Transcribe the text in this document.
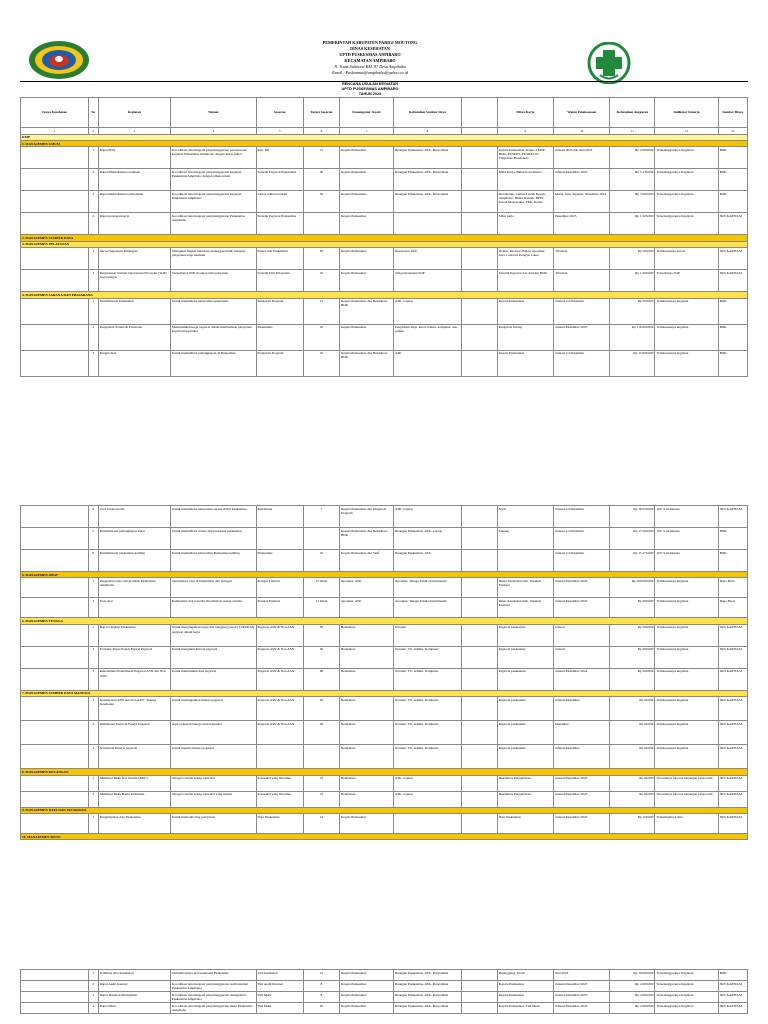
PEMERINTAH KABUPATEN PARIGI MOUTONG
DINAS KESEHATAN
UPTD PUSKESMAS ANPIBARO
KECAMATAN AMPIBABO
Jl. Trans Sulawesi KM. 97 Desa Ampibabo
Email : Puskesmas@ampibabo@yahoo.co.id
RENCANA USULAN KEGIATAN
UPTD PUSKESMAS AMPIBARO
TAHUN 2023
Upaya Kesehatan	No	Kegiatan	Tujuan	Sasaran	Target Sasaran	Penanggung Jawab	Kebutuhan Sumber Daya		Mitra Kerja	Waktu Pelaksanaan	Kebutuhan Anggaran	Indikator Kinerja	Sumber Biaya
1	2	3	4	5	6	7	8		9	10	11	12	13
KMP													
1. MANAJEMEN UMUM													
	1	Rapat POA	Koordinasi dan integrasi penyelenggaraan perencanaan kegiatan Puskesmas Ampibabo dengan lintas sektor	Kep. KP	15	Kepala Puskesmas	Ruangan Puskesmas, ATK, Penyediaan		Kepala Puskesmas, Kapus 2 MTP BOK, PUSKES, PUSKES PJ Tingkatan, Bendahara	Januari 2023 dan Juni 2023	Rp 2.000.000	Terselenggaranya Kegiatan	BOK
	2	Rapat Minilokakarya bulanan	Koordinasi dan integrasi penyelenggaraan kegiatan Puskesmas Ampibabo dengan pihak terkait	Seluruh Pegawai Puskesmas	50	Kepala Puskesmas	Ruangan Puskesmas, ATK, Penyediaan		Mitra Kerja, Bidan Koordinator	Januari-Desember 2023	Rp 5.130.000	Terselenggaranya Kegiatan	BOK
	3	Rapat Minilokakarya tribulanan	Koordinasi dan integrasi penyelenggaraan kegiatan Puskesmas Ampibabo	Lintas sektoral terkait	70	Kepala Puskesmas	Ruangan Puskesmas, ATK, Penyediaan		Kecamatan, Camat, Lurah, Kepala Ampibabo, Bidan Praktek, BPJS, Tokoh Masyarakat, PKK, Kader	Maret, Juni, Agustus, Desember 2023	Rp 7.000.000	Terselenggaranya Kegiatan	BOK
	4	Rapat persiapan kerja	Koordinasi dan integrasi penyelenggaraan Puskesmas Ampibabo	Seluruh Pegawai Puskesmas		Kepala Puskesmas			Mitra kerja	Desember 2023	Rp 1.500.000	Terselenggaranya Kegiatan	JKN KAPITASI
2. MANAJEMEN SUMBER DAYA													
3. MANAJEMEN PELAYANAN													
	1	Survei Kepuasan Pelanggan	Mengukur tingkat kepuasan pelanggan untuk menjaga pelayanan tetap bermutu	Pasien dan Puskesmas	20	Kepala Puskesmas	Kuesioner, ATK		Dokter, Perawat, Bidan, Apoteker, Gizi, Laboran, Petugas Loket	Triwulan	Rp 500.000	Terlaksananya survei	JKN KAPITASI
	2	Penyusunan Standar Operasional Prosedur (SOP) bagi petugas	Tersedianya SOP di setiap unit pelayanan	Seluruh Unit Pelayanan	10	Kepala Puskesmas	Tim penyusunan SOP		Seluruh Pegawai dan Jejaring BOK	Triwulan	Rp 1.500.000	Tersedianya SOP	JKN KAPITASI
4. MANAJEMEN SARANA DAN PRASARANA													
	1	Pemeliharaan Puskesmas	Untuk memelihara kebersihan puskesmas	Pengelola Program	12	Kepala Puskesmas dan Bendahara BOK	ATK, Laptop		Kepala Puskesmas	Januari s/d Desember	Rp 500.000	Terlaksananya kegiatan	BOK
	2	Pengadaan Sarana & Prasarana	Memudahkan kerja pegawai dalam memberikan pelayanan kepada masyarakat	Puskesmas	10	Kepala Puskesmas	Pengadaan meja, kursi, lemari, komputer, dan printer		Pengelola barang	Januari-Desember 2023	Rp 110.000.000	Terlaksananya kegiatan	BOK
	3	Pengelolaan	Untuk memelihara perlengkapan di Puskesmas	Pengelola Program	10	Kepala Puskesmas dan Bendahara BOK	ATK		Kepala Puskesmas	Januari s/d Desember	Rp 15.000.000	Terlaksananya kegiatan	BOK
	4	Cuci sarana mobil	Untuk memelihara kebersihan sarana mobil Puskesmas	Kendaraan	1	Kepala Puskesmas dan Pengelola Program	ATK, Laptop		Sopir	Januari s/d Desember	Rp 16.250.000	100 % terlaksana	JKN KAPITASI
	5	Pemeliharaan perlengkapan kerja	Untuk memelihara sarana dan prasarana puskesmas			Kepala Puskesmas dan Bendahara BOK	Ruangan Puskesmas, ATK, Laptop		Tukang	Januari s/d Desember	Rp 17.500.000	100 % terlaksana	BOK
	6	Pemeliharaan puskesmas keliling	Untuk memelihara kebersihan Puskesmas keliling	Puskesmas	10	Kepala Puskesmas dan Staff	Ruangan Puskesmas, ATK			Januari s/d Desember	Rp 15.175.000	100 % terlaksana	BOK
5. MANAJEMEN OBAT													
	1	Pengadaan obat-obatan untuk Puskesmas Ampibabo	Tersedianya obat di Puskesmas dan jaringan	Petugas Farmasi	12 bulan	Apoteker, ATK	Apoteker, Tenaga Teknis Kefarmasian		Dinas Kesehatan Kab. Instalasi Farmasi	Januari-Desember 2023	Rp 100.000.000	Terlaksananya kegiatan	Dana Pusat
	2	Stok obat	Kebutuhan obat tersedia dan dikelola sesuai standar	Petugas Farmasi	12 bulan	Apoteker, ATK	Apoteker, Tenaga Teknis Kefarmasian		Dinas Kesehatan Kab. Instalasi Farmasi	Januari-Desember 2023	Rp 500.000	Terlaksananya kegiatan	Dana Pusat
6. MANAJEMEN TENAGA													
	1	Rapat Lingkup Puskesmas	Untuk mengingatkan tugas dan tanggung jawab (TUPOKSI) pegawai dalam kerja	Pegawai ASN & Non ASN	50	Bendahara	Notulen		Pegawai puskesmas	Januari	Rp 500.000	Terlaksananya kegiatan	JKN KAPITASI
	2	Evaluasi Tugas Pokok Fungsi Pegawai	Untuk mengukur kinerja pegawai	Pegawai ASN & Non ASN	50	Bendahara	Notulen, TU, Admin, Komputer		Pegawai puskesmas	Januari	Rp 500.000	Terlaksananya kegiatan	JKN KAPITASI
	3	Rekonsiliasi Penerimaan Pegawai ASN dan Non ASN	Untuk memastikan data pegawai	Pegawai ASN & Non ASN	60	Bendahara	Notulen, TU, Admin, Komputer		Pegawai puskesmas	Januari-Desember 2024	Rp 500.000	Terlaksananya kegiatan	JKN KAPITASI
7. MANAJEMEN SUMBER DAYA MANUSIA													
	1	Kesempatan ASN dan Non ASN / Tenaga Kesehatan	Untuk meningkatkan kinerja pegawai	Pegawai ASN & Non ASN	40	Bendahara	Notulen, TU, Admin, Komputer		Pegawai puskesmas	Januari-Desember	Rp 90.000	Terlaksananya kegiatan	JKN KAPITASI
	2	Pembinaan Tugas & Fungsi Pegawai	Agar pegawai bekerja sesuai tupoksi	Pegawai ASN & Non ASN	40	Bendahara	Notulen, TU, Admin, Komputer		Pegawai puskesmas	Desember	Rp 90.000	Terlaksananya kegiatan	JKN KAPITASI
	3	Sosialisasi Kinerja pegawai	Untuk menilai kinerja pegawai			Bendahara	Notulen, TU, Admin, Komputer		Pegawai puskesmas	Januari-Desember	Rp 90.000	Terlaksananya kegiatan	JKN KAPITASI
8. MANAJEMEN KEUANGAN													
	1	Membuat Buku Kas Umum (BKU)	Sebagai catatan setiap transaksi	Transaksi yang Diterima	12	Bendahara	ATK, Laptop		Bendahara Pengeluaran	Januari-Desember 2023	Rp 90.000	Tercatatnya laporan keuangan yang tertib	JKN KAPITASI
	2	Membuat Buku Bantu Pembantu	Sebagai catatan setiap transaksi yang masuk	Transaksi yang Diterima	12	Bendahara	ATK, Laptop		Bendahara Pengeluaran	Januari-Desember 2023	Rp 90.000	Tercatatnya laporan keuangan yang tertib	JKN KAPITASI
9. MANAJEMEN DATA DAN INFORMASI													
	1	Pengumpulan data Puskesmas	Untuk memonitoring pelayanan	Data Puskesmas	12	Kepala Puskesmas			Data Puskesmas	Januari-Desember 2023	Rp 150.000	Terkumpulnya data	JKN KAPITASI
10. MANAJEMEN MUTU													
	1	Kalibrasi Alat Kesehatan	Terkalibrasinya alat kesehatan Puskesmas	Alat kesehatan	15	Kepala Puskesmas	Ruangan Puskesmas, ATK, Penyediaan		Penanggung Jawab	Juni 2023	Rp 10.000.000	Terselenggaranya Kegiatan	BOK
	2	Rapat Audit Internal	Koordinasi dan integrasi penyelenggaraan audit internal Puskesmas Ampibabo	Tim Audit Internal	8	Kepala Puskesmas	Ruangan Puskesmas, ATK, Penyediaan		Kepala Puskesmas	Januari-Desember 2023	Rp 2.000.000	Terselenggaranya Kegiatan	JKN KAPITASI
	3	Rapat Tinjauan Manajemen	Koordinasi dan integrasi penyelenggaraan manajemen Puskesmas Ampibabo	Tim Mutu	8	Kepala Puskesmas	Ruangan Puskesmas, ATK, Penyediaan		Kepala Puskesmas	Januari-Desember 2023	Rp 2.000.000	Terselenggaranya Kegiatan	JKN KAPITASI
	4	Rapat Mutu	Koordinasi dan integrasi penyelenggaraan mutu Puskesmas Ampibabo	Tim Mutu	20	Kepala Puskesmas	Ruangan Puskesmas, ATK, Penyediaan		Kepala Puskesmas, Tim Mutu	Januari-Desember 2023	Rp 2.000.000	Terselenggaranya Kegiatan	JKN KAPITASI
